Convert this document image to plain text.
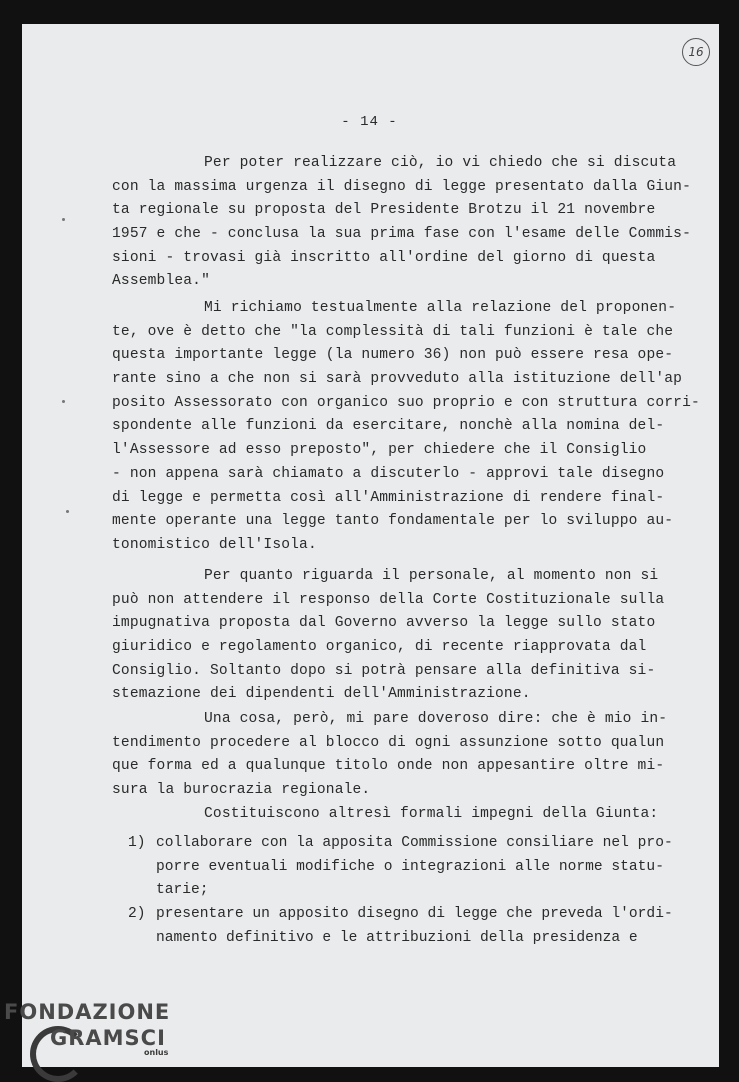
16
- 14 -
Per poter realizzare ciò, io vi chiedo che si discuta
con la massima urgenza il disegno di legge presentato dalla Giun-
ta regionale su proposta del Presidente Brotzu il 21 novembre
1957 e che - conclusa la sua prima fase con l'esame delle Commis-
sioni - trovasi già inscritto all'ordine del giorno di questa
Assemblea."
Mi richiamo testualmente alla relazione del proponen-
te, ove è detto che "la complessità di tali funzioni è tale che
questa importante legge (la numero 36) non può essere resa ope-
rante sino a che non si sarà provveduto alla istituzione dell'ap
posito Assessorato con organico suo proprio e con struttura corri-
spondente alle funzioni da esercitare, nonchè alla nomina del-
l'Assessore ad esso preposto", per chiedere che il Consiglio
- non appena sarà chiamato a discuterlo - approvi tale disegno
di legge e permetta così all'Amministrazione di rendere final-
mente operante una legge tanto fondamentale per lo sviluppo au-
tonomistico dell'Isola.
Per quanto riguarda il personale, al momento non si
può non attendere il responso della Corte Costituzionale sulla
impugnativa proposta dal Governo avverso la legge sullo stato
giuridico e regolamento organico, di recente riapprovata dal
Consiglio. Soltanto dopo si potrà pensare alla definitiva si-
stemazione dei dipendenti dell'Amministrazione.
Una cosa, però, mi pare doveroso dire: che è mio in-
tendimento procedere al blocco di ogni assunzione sotto qualun
que forma ed a qualunque titolo onde non appesantire oltre mi-
sura la burocrazia regionale.
Costituiscono altresì formali impegni della Giunta:
1) collaborare con la apposita Commissione consiliare nel pro-
porre eventuali modifiche o integrazioni alle norme statu-
tarie;
2) presentare un apposito disegno di legge che preveda l'ordi-
namento definitivo e le attribuzioni della presidenza e
FONDAZIONE
GRAMSCI
onlus
